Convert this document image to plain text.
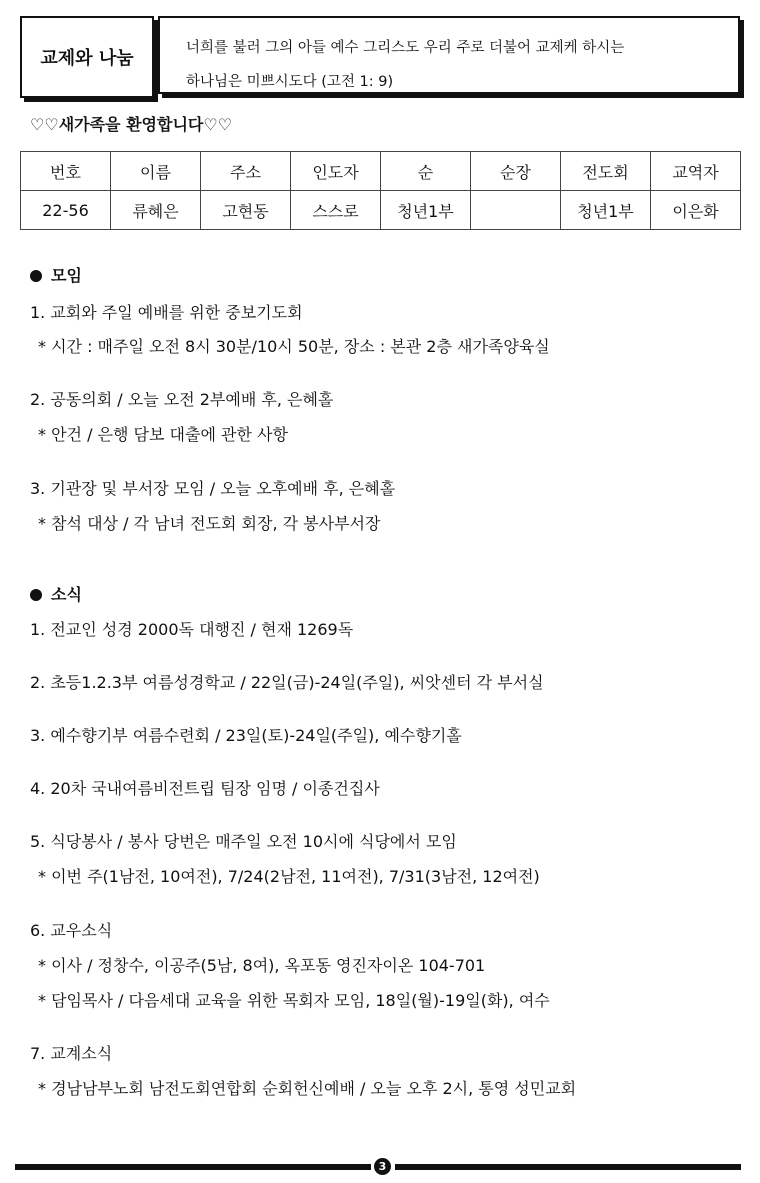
교제와 나눔	너희를 불러 그의 아들 예수 그리스도 우리 주로 더불어 교제케 하시는
하나님은 미쁘시도다 (고전 1: 9)
♡♡새가족을 환영합니다♡♡
번호	이름	주소	인도자	순	순장	전도회	교역자
22-56	류혜은	고현동	스스로	청년1부		청년1부	이은화
모임
1. 교회와 주일 예배를 위한 중보기도회
* 시간 : 매주일 오전 8시 30분/10시 50분, 장소 : 본관 2층 새가족양육실
2. 공동의회 / 오늘 오전 2부예배 후, 은혜홀
* 안건 / 은행 담보 대출에 관한 사항
3. 기관장 및 부서장 모임 / 오늘 오후예배 후, 은혜홀
* 참석 대상 / 각 남녀 전도회 회장, 각 봉사부서장
소식
1. 전교인 성경 2000독 대행진 / 현재 1269독
2. 초등1.2.3부 여름성경학교 / 22일(금)-24일(주일), 씨앗센터 각 부서실
3. 예수향기부 여름수련회 / 23일(토)-24일(주일), 예수향기홀
4. 20차 국내여름비전트립 팀장 임명 / 이종건집사
5. 식당봉사 / 봉사 당번은 매주일 오전 10시에 식당에서 모임
* 이번 주(1남전, 10여전), 7/24(2남전, 11여전), 7/31(3남전, 12여전)
6. 교우소식
* 이사 / 정창수, 이공주(5남, 8여), 옥포동 영진자이온 104-701
* 담임목사 / 다음세대 교육을 위한 목회자 모임, 18일(월)-19일(화), 여수
7. 교계소식
* 경남남부노회 남전도회연합회 순회헌신예배 / 오늘 오후 2시, 통영 성민교회
3
